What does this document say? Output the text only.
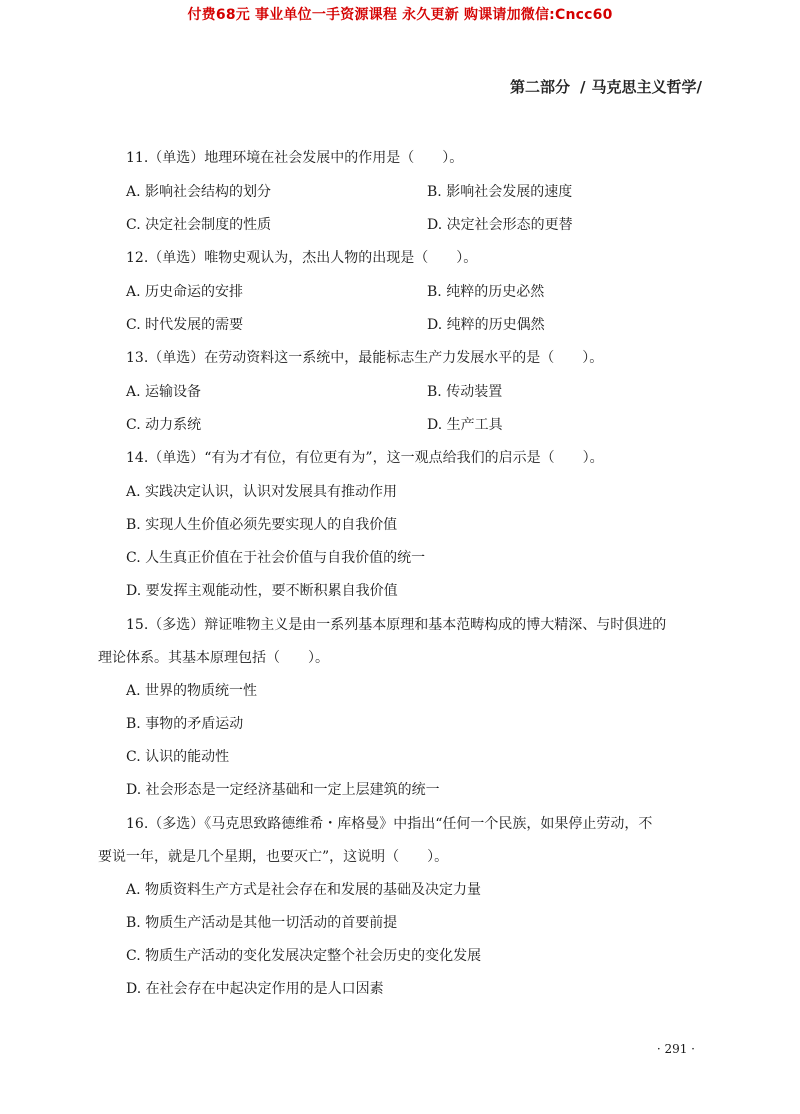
付费68元 事业单位一手资源课程 永久更新 购课请加微信:Cncc60
第二部分 / 马克思主义哲学/
11.（单选）地理环境在社会发展中的作用是（　　）。
A. 影响社会结构的划分	B. 影响社会发展的速度
C. 决定社会制度的性质	D. 决定社会形态的更替
12.（单选）唯物史观认为，杰出人物的出现是（　　）。
A. 历史命运的安排	B. 纯粹的历史必然
C. 时代发展的需要	D. 纯粹的历史偶然
13.（单选）在劳动资料这一系统中，最能标志生产力发展水平的是（　　）。
A. 运输设备	B. 传动装置
C. 动力系统	D. 生产工具
14.（单选）“有为才有位，有位更有为”，这一观点给我们的启示是（　　）。
A. 实践决定认识，认识对发展具有推动作用
B. 实现人生价值必须先要实现人的自我价值
C. 人生真正价值在于社会价值与自我价值的统一
D. 要发挥主观能动性，要不断积累自我价值
15.（多选）辩证唯物主义是由一系列基本原理和基本范畴构成的博大精深、与时俱进的
理论体系。其基本原理包括（　　）。
A. 世界的物质统一性
B. 事物的矛盾运动
C. 认识的能动性
D. 社会形态是一定经济基础和一定上层建筑的统一
16.（多选）《马克思致路德维希・库格曼》中指出“任何一个民族，如果停止劳动，不
要说一年，就是几个星期，也要灭亡”，这说明（　　）。
A. 物质资料生产方式是社会存在和发展的基础及决定力量
B. 物质生产活动是其他一切活动的首要前提
C. 物质生产活动的变化发展决定整个社会历史的变化发展
D. 在社会存在中起决定作用的是人口因素
· 291 ·
